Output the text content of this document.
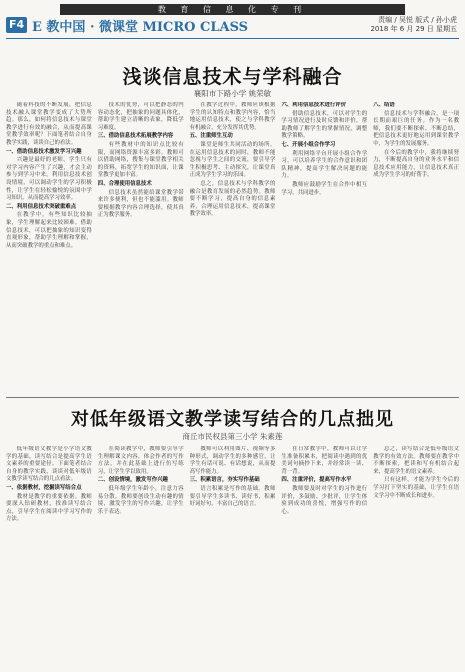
教 育 信 息 化 专 刊
F4 E 教中国 · 微课堂 MICRO CLASS	责编 / 吴悦 版式 / 孙小虎
2018 年 6 月 29 日 星期五
浅谈信息技术与学科融合
襄阳市下路小学 姚荣敏

随着科技的不断发展，把信息技术融入课堂教学变成了大势所趋。那么，如何将信息技术与课堂教学进行有效的融合，从而提高课堂教学效率呢？下面笔者结合自身教学实践，谈谈自己的看法。

一、借助信息技术激发学习兴趣

兴趣是最好的老师。学生只有对学习内容产生了兴趣，才会主动参与到学习中来。利用信息技术创设情境，可以调动学生的学习积极性，让学生在轻松愉悦的氛围中学习知识，从而提高学习效率。

二、利用信息技术突破重难点

在教学中，有些知识比较抽象，学生理解起来比较困难。借助信息技术，可以把抽象的知识变得直观形象，帮助学生理解和掌握，从而突破教学的重点和难点。

技术的优势，可以把静态的内容动态化，把抽象的问题具体化，帮助学生建立清晰的表象，降低学习难度。

三、借助信息技术拓展教学内容

有些教材中的知识点比较有限，而网络资源丰富多彩。教师可以借助网络，搜集与课堂教学相关的资料，拓宽学生的知识面，让课堂教学更加丰富。

四、合理使用信息技术

信息技术虽然能给课堂教学带来许多便利，但也不能滥用。教师要根据教学内容合理选择，使其真正为教学服务。

在教学过程中，教师应该根据学生的认知特点和教学内容，恰当地运用信息技术，使之与学科教学有机融合，充分发挥其优势。

五、注重师生互动

课堂是师生共同活动的场所。在运用信息技术的同时，教师不能忽视与学生之间的交流，要引导学生积极思考、主动探究，让课堂真正成为学生学习的乐园。

总之，信息技术与学科教学的融合是教育发展的必然趋势。教师要不断学习，提高自身的信息素养，合理运用信息技术，提高课堂教学效率。

六、利用信息技术进行评价

借助信息技术，可以对学生的学习情况进行及时反馈和评价，帮助教师了解学生的掌握情况，调整教学策略。

七、开展小组合作学习

利用网络平台开展小组合作学习，可以培养学生的合作意识和团队精神，提高学生解决问题的能力。

教师应鼓励学生在合作中相互学习，共同进步。

八、结语

信息技术与学科融合，是一项长期而艰巨的任务。作为一名教师，我们要不断探索、不断总结，把信息技术更好地运用到课堂教学中，为学生的发展服务。

在今后的教学中，我将继续努力，不断提高自身的业务水平和信息技术应用能力，让信息技术真正成为学生学习的好帮手。

对低年级语文教学读写结合的几点拙见
商丘市民权县第三小学 朱素莲

低年级语文教学是小学语文教学的基础。读写结合是提高学生语文素养的重要途径。下面笔者结合自身的教学实践，谈谈对低年级语文教学读写结合的几点看法。

一、依据教材，挖掘读写结合点

教材是教学的重要依据。教师要深入钻研教材，找准读写结合点，引导学生在阅读中学习写作的方法。

在阅读教学中，教师要引导学生理解课文内容，体会作者的写作方法，并在此基础上进行仿写练习，让学生学以致用。

二、创设情境，激发写作兴趣

低年级学生年龄小，注意力容易分散。教师要创设生动有趣的情境，激发学生的写作兴趣，让学生乐于表达。

教师可以利用图片、视频等多种形式，调动学生的多种感官，让学生有话可说、有话想说，从而提高写作能力。

三、积累语言，夯实写作基础

语言积累是写作的基础。教师要引导学生多读书、读好书，积累好词好句，丰富自己的语言。

在日常教学中，教师可以让学生准备积累本，把阅读中遇到的优美词句摘抄下来，并经常读一读、背一背。

四、注重评价，提高写作水平

教师要及时对学生的习作进行评价，多鼓励、少批评，让学生体验到成功的喜悦，增强写作的信心。

总之，读写结合是低年级语文教学的有效方法。教师要在教学中不断探索，把读和写有机结合起来，提高学生的语文素养。

只有这样，才能为学生今后的学习打下坚实的基础，让学生在语文学习中不断成长和进步。
